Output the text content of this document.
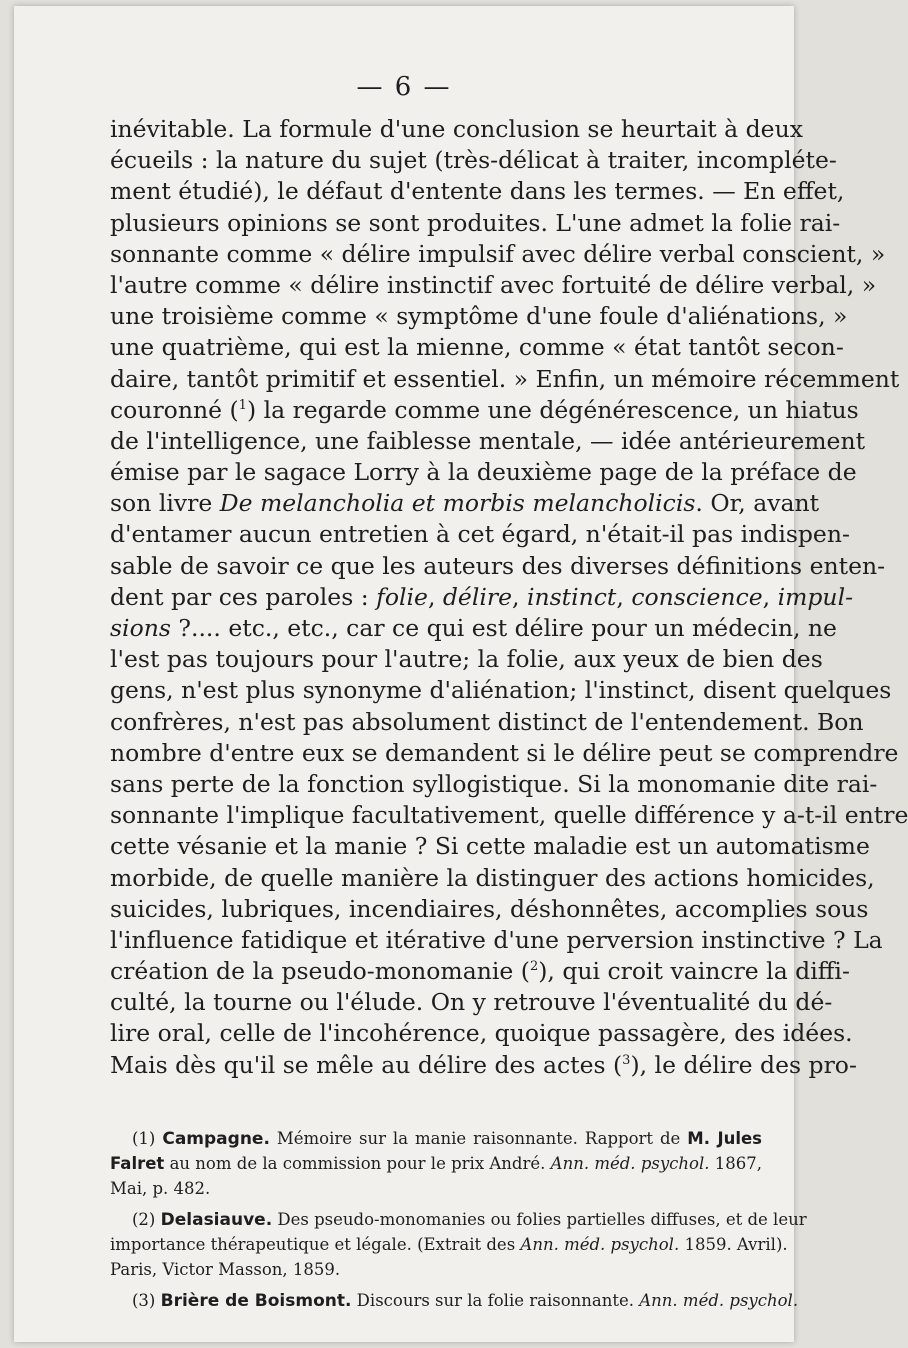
— 6 —
inévitable. La formule d'une conclusion se heurtait à deux
écueils : la nature du sujet (très-délicat à traiter, incompléte-
ment étudié), le défaut d'entente dans les termes. — En effet,
plusieurs opinions se sont produites. L'une admet la folie rai-
sonnante comme « délire impulsif avec délire verbal conscient, »
l'autre comme « délire instinctif avec fortuité de délire verbal, »
une troisième comme « symptôme d'une foule d'aliénations, »
une quatrième, qui est la mienne, comme « état tantôt secon-
daire, tantôt primitif et essentiel. » Enfin, un mémoire récemment
couronné ($^1$) la regarde comme une dégénérescence, un hiatus
de l'intelligence, une faiblesse mentale, — idée antérieurement
émise par le sagace Lorry à la deuxième page de la préface de
son livre De melancholia et morbis melancholicis. Or, avant
d'entamer aucun entretien à cet égard, n'était-il pas indispen-
sable de savoir ce que les auteurs des diverses définitions enten-
dent par ces paroles : folie, délire, instinct, conscience, impul-
sions ?.... etc., etc., car ce qui est délire pour un médecin, ne
l'est pas toujours pour l'autre; la folie, aux yeux de bien des
gens, n'est plus synonyme d'aliénation; l'instinct, disent quelques
confrères, n'est pas absolument distinct de l'entendement. Bon
nombre d'entre eux se demandent si le délire peut se comprendre
sans perte de la fonction syllogistique. Si la monomanie dite rai-
sonnante l'implique facultativement, quelle différence y a-t-il entre
cette vésanie et la manie ? Si cette maladie est un automatisme
morbide, de quelle manière la distinguer des actions homicides,
suicides, lubriques, incendiaires, déshonnêtes, accomplies sous
l'influence fatidique et itérative d'une perversion instinctive ? La
création de la pseudo-monomanie ($^2$), qui croit vaincre la diffi-
culté, la tourne ou l'élude. On y retrouve l'éventualité du dé-
lire oral, celle de l'incohérence, quoique passagère, des idées.
Mais dès qu'il se mêle au délire des actes ($^3$), le délire des pro-
(1) Campagne. Mémoire sur la manie raisonnante. Rapport de M. Jules
Falret au nom de la commission pour le prix André. Ann. méd. psychol. 1867,
Mai, p. 482.
(2) Delasiauve. Des pseudo-monomanies ou folies partielles diffuses, et de leur
importance thérapeutique et légale. (Extrait des Ann. méd. psychol. 1859. Avril).
Paris, Victor Masson, 1859.
(3) Brière de Boismont. Discours sur la folie raisonnante. Ann. méd. psychol.
